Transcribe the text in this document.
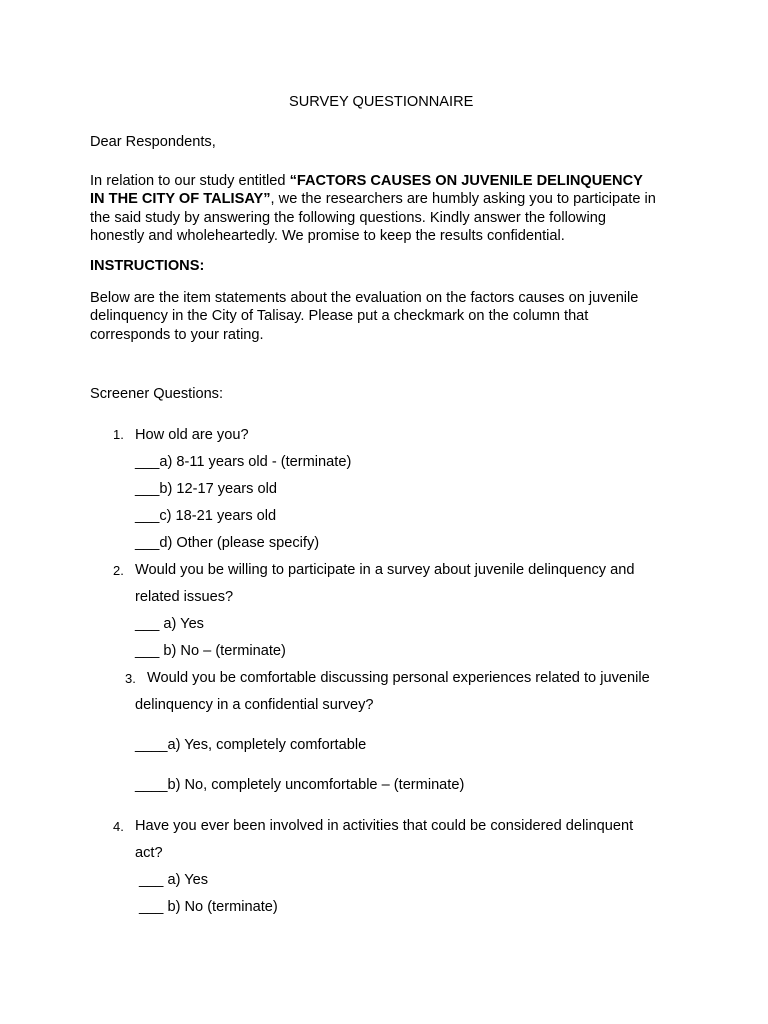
SURVEY QUESTIONNAIRE
Dear Respondents,
In relation to our study entitled “FACTORS CAUSES ON JUVENILE DELINQUENCY
IN THE CITY OF TALISAY”, we the researchers are humbly asking you to participate in
the said study by answering the following questions. Kindly answer the following
honestly and wholeheartedly. We promise to keep the results confidential.
INSTRUCTIONS:
Below are the item statements about the evaluation on the factors causes on juvenile
delinquency in the City of Talisay. Please put a checkmark on the column that
corresponds to your rating.
Screener Questions:
1. How old are you?
___a) 8-11 years old - (terminate)
___b) 12-17 years old
___c) 18-21 years old
___d) Other (please specify)
2. Would you be willing to participate in a survey about juvenile delinquency and
related issues?
___ a) Yes
___ b) No – (terminate)
3. Would you be comfortable discussing personal experiences related to juvenile
delinquency in a confidential survey?
____a) Yes, completely comfortable
____b) No, completely uncomfortable – (terminate)
4. Have you ever been involved in activities that could be considered delinquent
act?
___ a) Yes
___ b) No (terminate)
